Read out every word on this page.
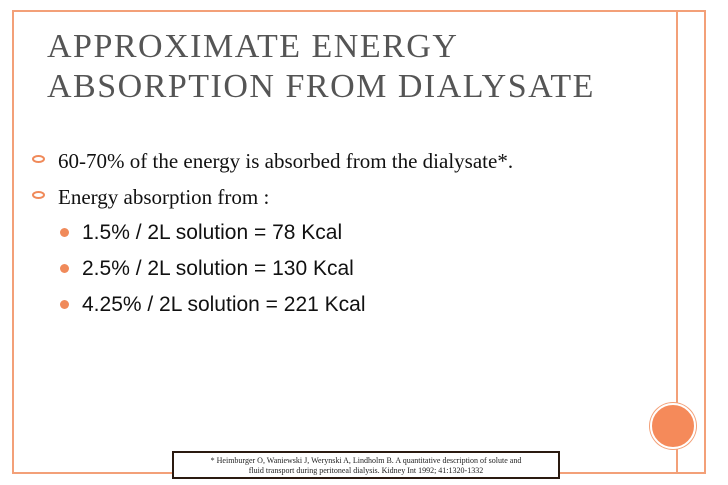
APPROXIMATE ENERGY
ABSORPTION FROM DIALYSATE
60-70% of the energy is absorbed from the dialysate*.
Energy absorption from :
1.5% / 2L solution = 78 Kcal
2.5% / 2L solution = 130 Kcal
4.25% / 2L solution = 221 Kcal
* Heimburger O, Waniewski J, Werynski A, Lindholm B. A quantitative description of solute and
fluid transport during peritoneal dialysis. Kidney Int 1992; 41:1320-1332
